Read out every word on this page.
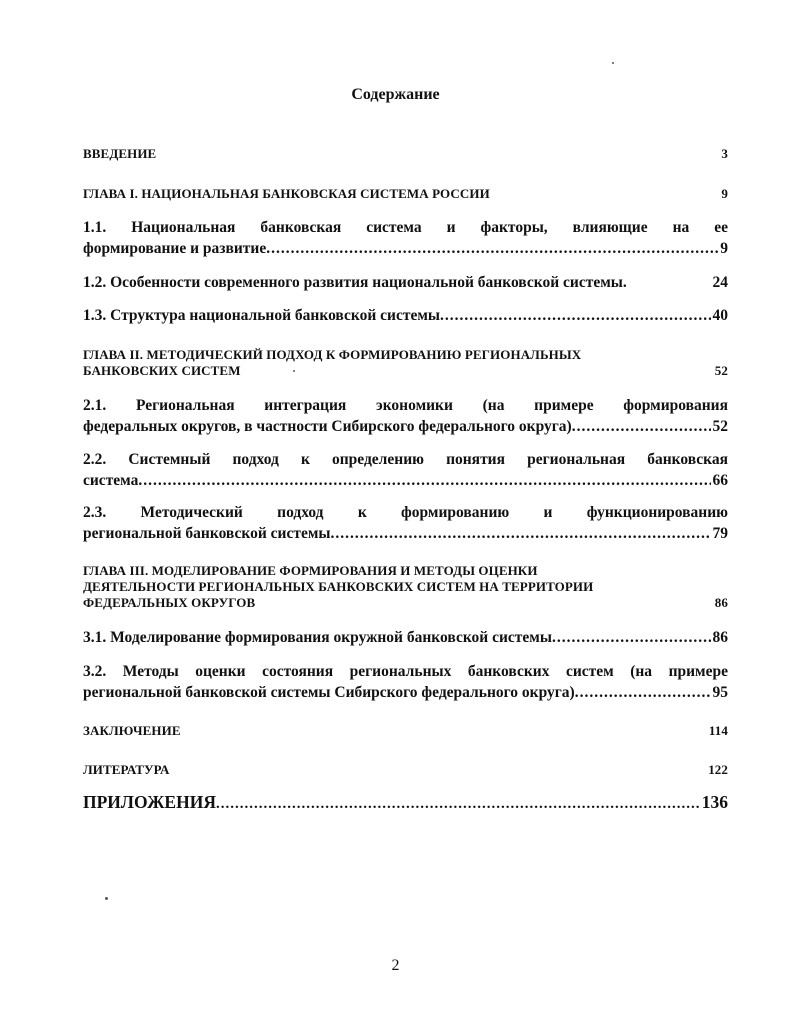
Содержание
ВВЕДЕНИЕ	3
ГЛАВА I. НАЦИОНАЛЬНАЯ БАНКОВСКАЯ СИСТЕМА РОССИИ	9
1.1. Национальная банковская система и факторы, влияющие на ее
формирование и развитие .....	9
1.2. Особенности современного развития национальной банковской системы.	24
1.3. Структура национальной банковской системы .....	40
ГЛАВА II. МЕТОДИЧЕСКИЙ ПОДХОД К ФОРМИРОВАНИЮ РЕГИОНАЛЬНЫХ
БАНКОВСКИХ СИСТЕМ	52
2.1. Региональная интеграция экономики (на примере формирования
федеральных округов, в частности Сибирского федерального округа) .....	52
2.2. Системный подход к определению понятия региональная банковская
система .....	66
2.3. Методический подход к формированию и функционированию
региональной банковской системы .....	79
ГЛАВА III. МОДЕЛИРОВАНИЕ ФОРМИРОВАНИЯ И МЕТОДЫ ОЦЕНКИ
ДЕЯТЕЛЬНОСТИ РЕГИОНАЛЬНЫХ БАНКОВСКИХ СИСТЕМ НА ТЕРРИТОРИИ
ФЕДЕРАЛЬНЫХ ОКРУГОВ	86
3.1. Моделирование формирования окружной банковской системы .....	86
3.2. Методы оценки состояния региональных банковских систем (на примере
региональной банковской системы Сибирского федерального округа) .....	95
ЗАКЛЮЧЕНИЕ	114
ЛИТЕРАТУРА	122
ПРИЛОЖЕНИЯ .....	136
2
